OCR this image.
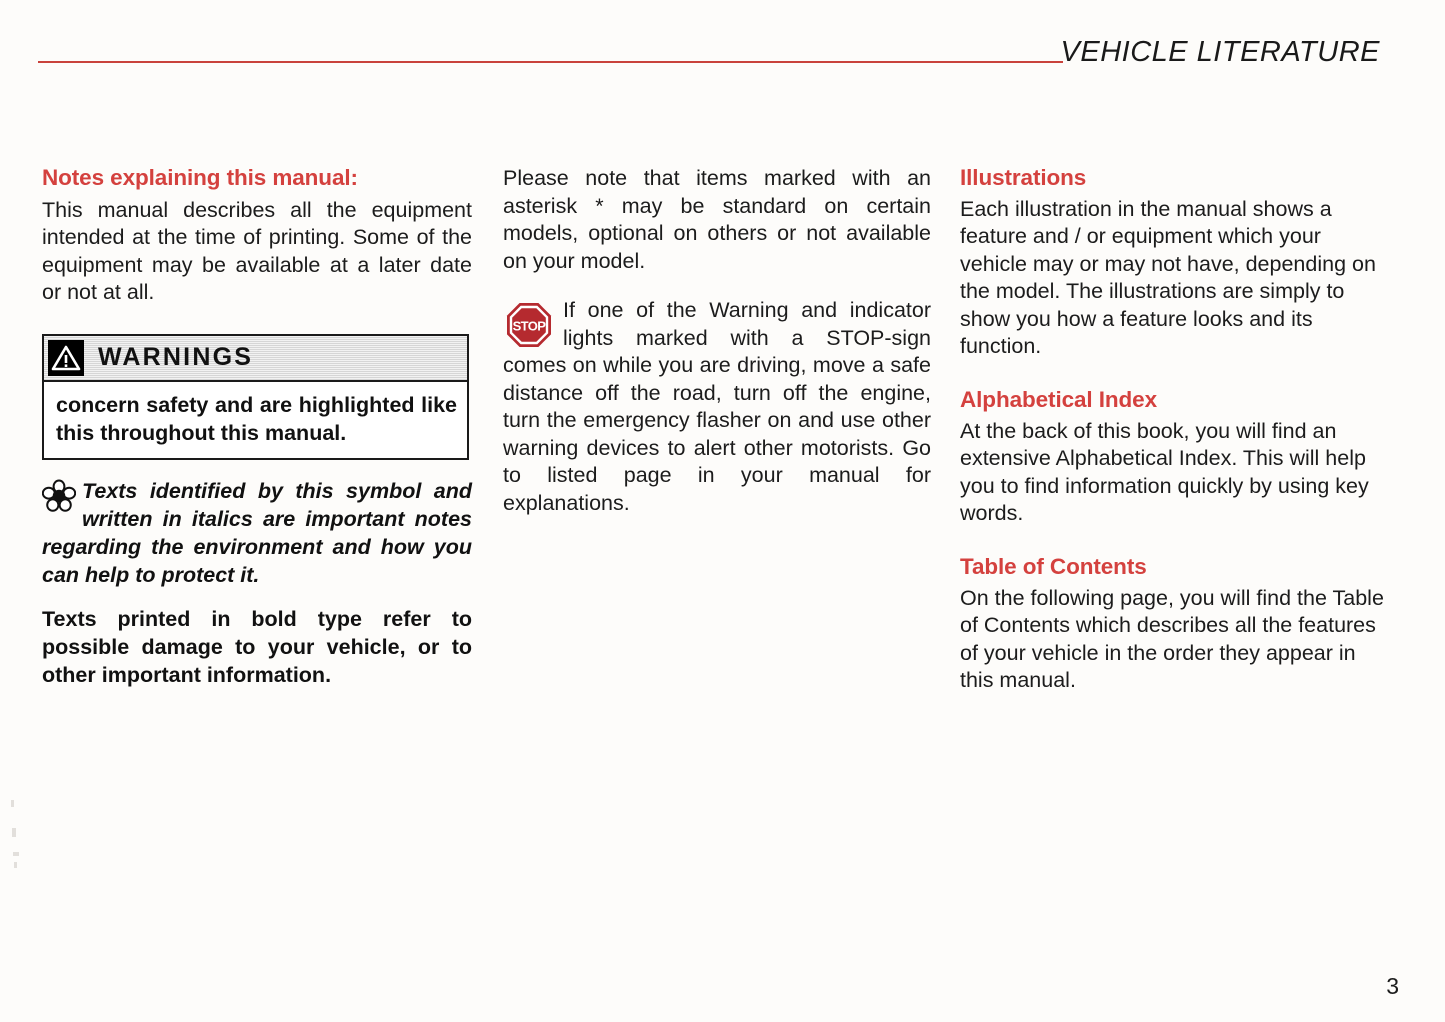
VEHICLE LITERATURE
Notes explaining this manual:

This manual describes all the equipment intended at the time of printing. Some of the equipment may be available at a later date or not at all.

WARNINGS

concern safety and are highlighted like this throughout this manual.

Texts identified by this symbol and written in italics are important notes regarding the environment and how you can help to protect it.
Texts printed in bold type refer to possible damage to your vehicle, or to other important information.

Please note that items marked with an asterisk * may be standard on certain models, optional on others or not available on your model.

STOP
If one of the Warning and indicator lights marked with a STOP-sign comes on while you are driving, move a safe distance off the road, turn off the engine, turn the emergency flasher on and use other warning devices to alert other motorists. Go to listed page in your manual for explanations.
Illustrations

Each illustration in the manual shows a feature and / or equipment which your vehicle may or may not have, depending on the model. The illustrations are simply to show you how a feature looks and its function.

Alphabetical Index

At the back of this book, you will find an extensive Alphabetical Index. This will help you to find information quickly by using key words.

Table of Contents

On the following page, you will find the Table of Contents which describes all the features of your vehicle in the order they appear in this manual.

3
